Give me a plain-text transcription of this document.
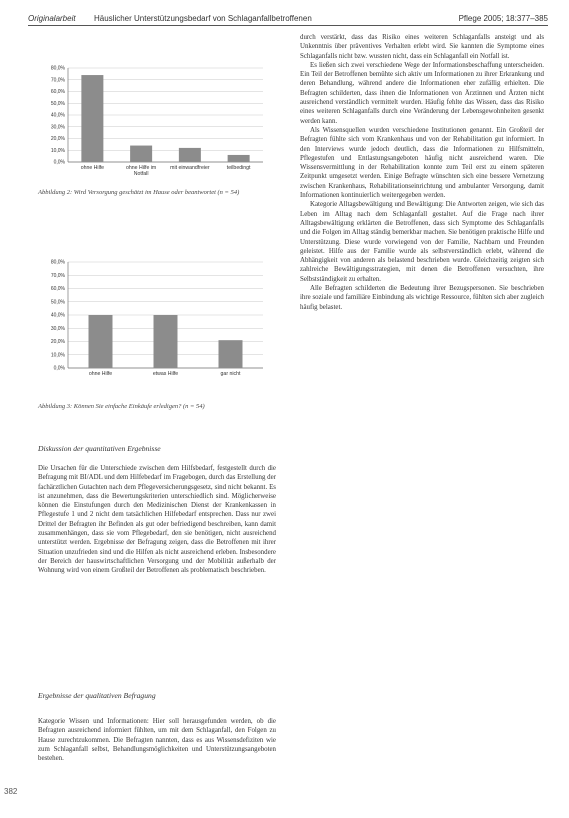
Originalarbeit Häuslicher Unterstützungsbedarf von Schlaganfallbetroffenen	Pflege 2005; 18:377–385
0,0%
10,0%
20,0%
30,0%
40,0%
50,0%
60,0%
70,0%
80,0%
ohne Hilfe	ohne Hilfe im
Notfall
mit einwandfreier	teilbedingt
Abbildung 2: Wird Versorgung geschätzt im Hause oder beantwortet (n = 54)
0,0%
10,0%
20,0%
30,0%
40,0%
50,0%
60,0%
70,0%
80,0%
ohne Hilfe	etwas Hilfe	gar nicht
Abbildung 3: Können Sie einfache Einkäufe erledigen? (n = 54)
Diskussion der quantitativen Ergebnisse

Die Ursachen für die Unterschiede zwischen dem Hilfsbedarf, festgestellt durch die Befragung mit BI/ADL und dem Hilfebedarf im Fragebogen, durch das Erstellung der fachärztlichen Gutachten nach dem Pflegeversicherungsgesetz, sind nicht bekannt. Es ist anzunehmen, dass die Bewertungskriterien unterschiedlich sind. Möglicherweise können die Einstufungen durch den Medizinischen Dienst der Krankenkassen in Pflegestufe 1 und 2 nicht dem tatsächlichen Hilfebedarf entsprechen. Dass nur zwei Drittel der Befragten ihr Befinden als gut oder befriedigend beschreiben, kann damit zusammenhängen, dass sie vom Pflegebedarf, den sie benötigen, nicht ausreichend unterstützt werden. Ergebnisse der Befragung zeigen, dass die Betroffenen mit ihrer Situation unzufrieden sind und die Hilfen als nicht ausreichend erleben. Insbesondere der Bereich der hauswirtschaftlichen Versorgung und der Mobilität außerhalb der Wohnung wird von einem Großteil der Betroffenen als problematisch beschrieben.

Ergebnisse der qualitativen Befragung

Kategorie Wissen und Informationen: Hier soll herausgefunden werden, ob die Befragten ausreichend informiert fühlten, um mit dem Schlaganfall, den Folgen zu Hause zurechtzukommen. Die Befragten nannten, dass es aus Wissensdefiziten wie zum Schlaganfall selbst, Behandlungsmöglichkeiten und Unterstützungsangeboten bestehen.

durch verstärkt, dass das Risiko eines weiteren Schlaganfalls ansteigt und als Unkenntnis über präventives Verhalten erlebt wird. Sie kannten die Symptome eines Schlaganfalls nicht bzw. wussten nicht, dass ein Schlaganfall ein Notfall ist.

Es ließen sich zwei verschiedene Wege der Informationsbeschaffung unterscheiden. Ein Teil der Betroffenen bemühte sich aktiv um Informationen zu ihrer Erkrankung und deren Behandlung, während andere die Informationen eher zufällig erhielten. Die Befragten schilderten, dass ihnen die Informationen von Ärztinnen und Ärzten nicht ausreichend verständlich vermittelt wurden. Häufig fehlte das Wissen, dass das Risiko eines weiteren Schlaganfalls durch eine Veränderung der Lebensgewohnheiten gesenkt werden kann.

Als Wissensquellen wurden verschiedene Institutionen genannt. Ein Großteil der Befragten fühlte sich vom Krankenhaus und von der Rehabilitation gut informiert. In den Interviews wurde jedoch deutlich, dass die Informationen zu Hilfsmitteln, Pflegestufen und Entlastungsangeboten häufig nicht ausreichend waren. Die Wissensvermittlung in der Rehabilitation konnte zum Teil erst zu einem späteren Zeitpunkt umgesetzt werden. Einige Befragte wünschten sich eine bessere Vernetzung zwischen Krankenhaus, Rehabilitationseinrichtung und ambulanter Versorgung, damit Informationen kontinuierlich weitergegeben werden.

Kategorie Alltagsbewältigung und Bewältigung: Die Antworten zeigen, wie sich das Leben im Alltag nach dem Schlaganfall gestaltet. Auf die Frage nach ihrer Alltagsbewältigung erklärten die Betroffenen, dass sich Symptome des Schlaganfalls und die Folgen im Alltag ständig bemerkbar machen. Sie benötigen praktische Hilfe und Unterstützung. Diese wurde vorwiegend von der Familie, Nachbarn und Freunden geleistet. Hilfe aus der Familie wurde als selbstverständlich erlebt, während die Abhängigkeit von anderen als belastend beschrieben wurde. Gleichzeitig zeigten sich zahlreiche Bewältigungsstrategien, mit denen die Betroffenen versuchten, ihre Selbstständigkeit zu erhalten.

Alle Befragten schilderten die Bedeutung ihrer Bezugspersonen. Sie beschrieben ihre soziale und familiäre Einbindung als wichtige Ressource, fühlten sich aber zugleich häufig belastet.

382
